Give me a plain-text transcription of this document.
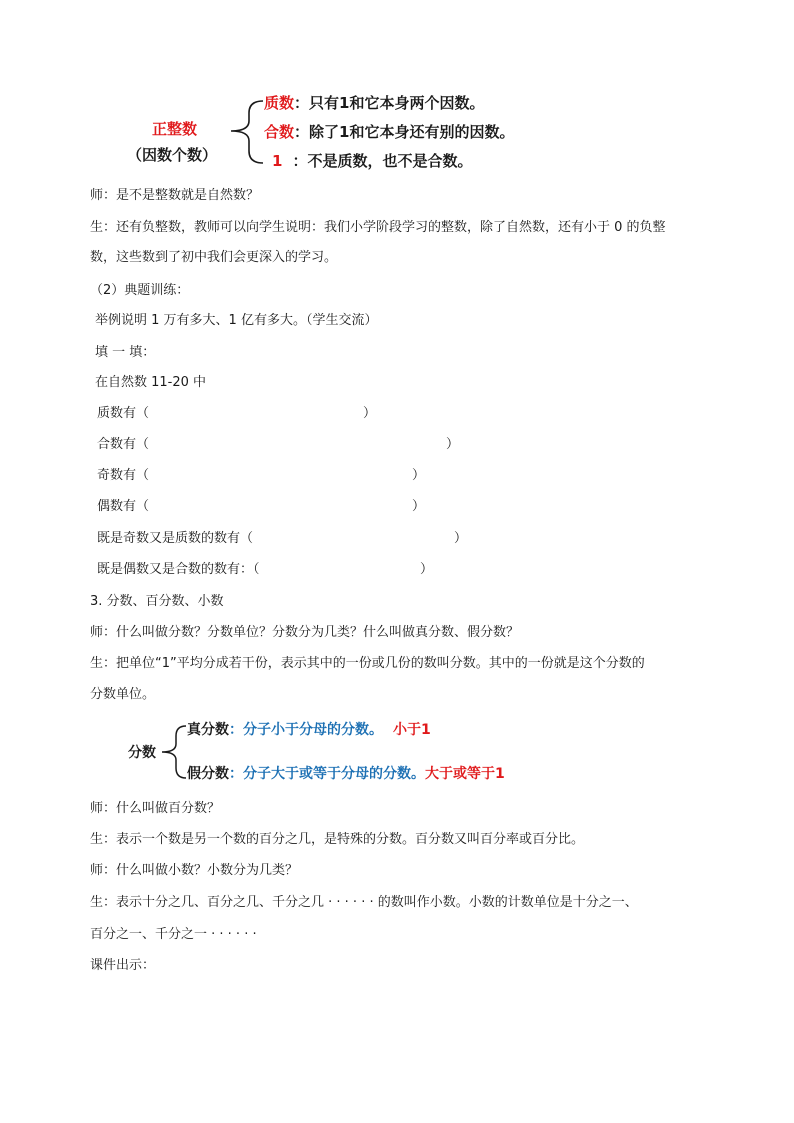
正整数
（因数个数）
质数：只有1和它本身两个因数。
合数：除了1和它本身还有别的因数。
1 ：不是质数，也不是合数。
师：是不是整数就是自然数？
生：还有负整数，教师可以向学生说明：我们小学阶段学习的整数，除了自然数，还有小于 0 的负整
数，这些数到了初中我们会更深入的学习。
（2）典题训练：
举例说明 1 万有多大、1 亿有多大。（学生交流）
填 一 填：
在自然数 11-20 中
质数有（	）
合数有（	）
奇数有（	）
偶数有（	）
既是奇数又是质数的数有（	）
既是偶数又是合数的数有：（	）
3. 分数、百分数、小数
师：什么叫做分数？分数单位？分数分为几类？什么叫做真分数、假分数？
生：把单位“1”平均分成若干份，表示其中的一份或几份的数叫分数。其中的一份就是这个分数的
分数单位。
分数
真分数：分子小于分母的分数。 小于1
假分数：分子大于或等于分母的分数。大于或等于1
师：什么叫做百分数？
生：表示一个数是另一个数的百分之几，是特殊的分数。百分数又叫百分率或百分比。
师：什么叫做小数？小数分为几类？
生：表示十分之几、百分之几、千分之几 · · · · · · 的数叫作小数。小数的计数单位是十分之一、
百分之一、千分之一 · · · · · ·
课件出示：
